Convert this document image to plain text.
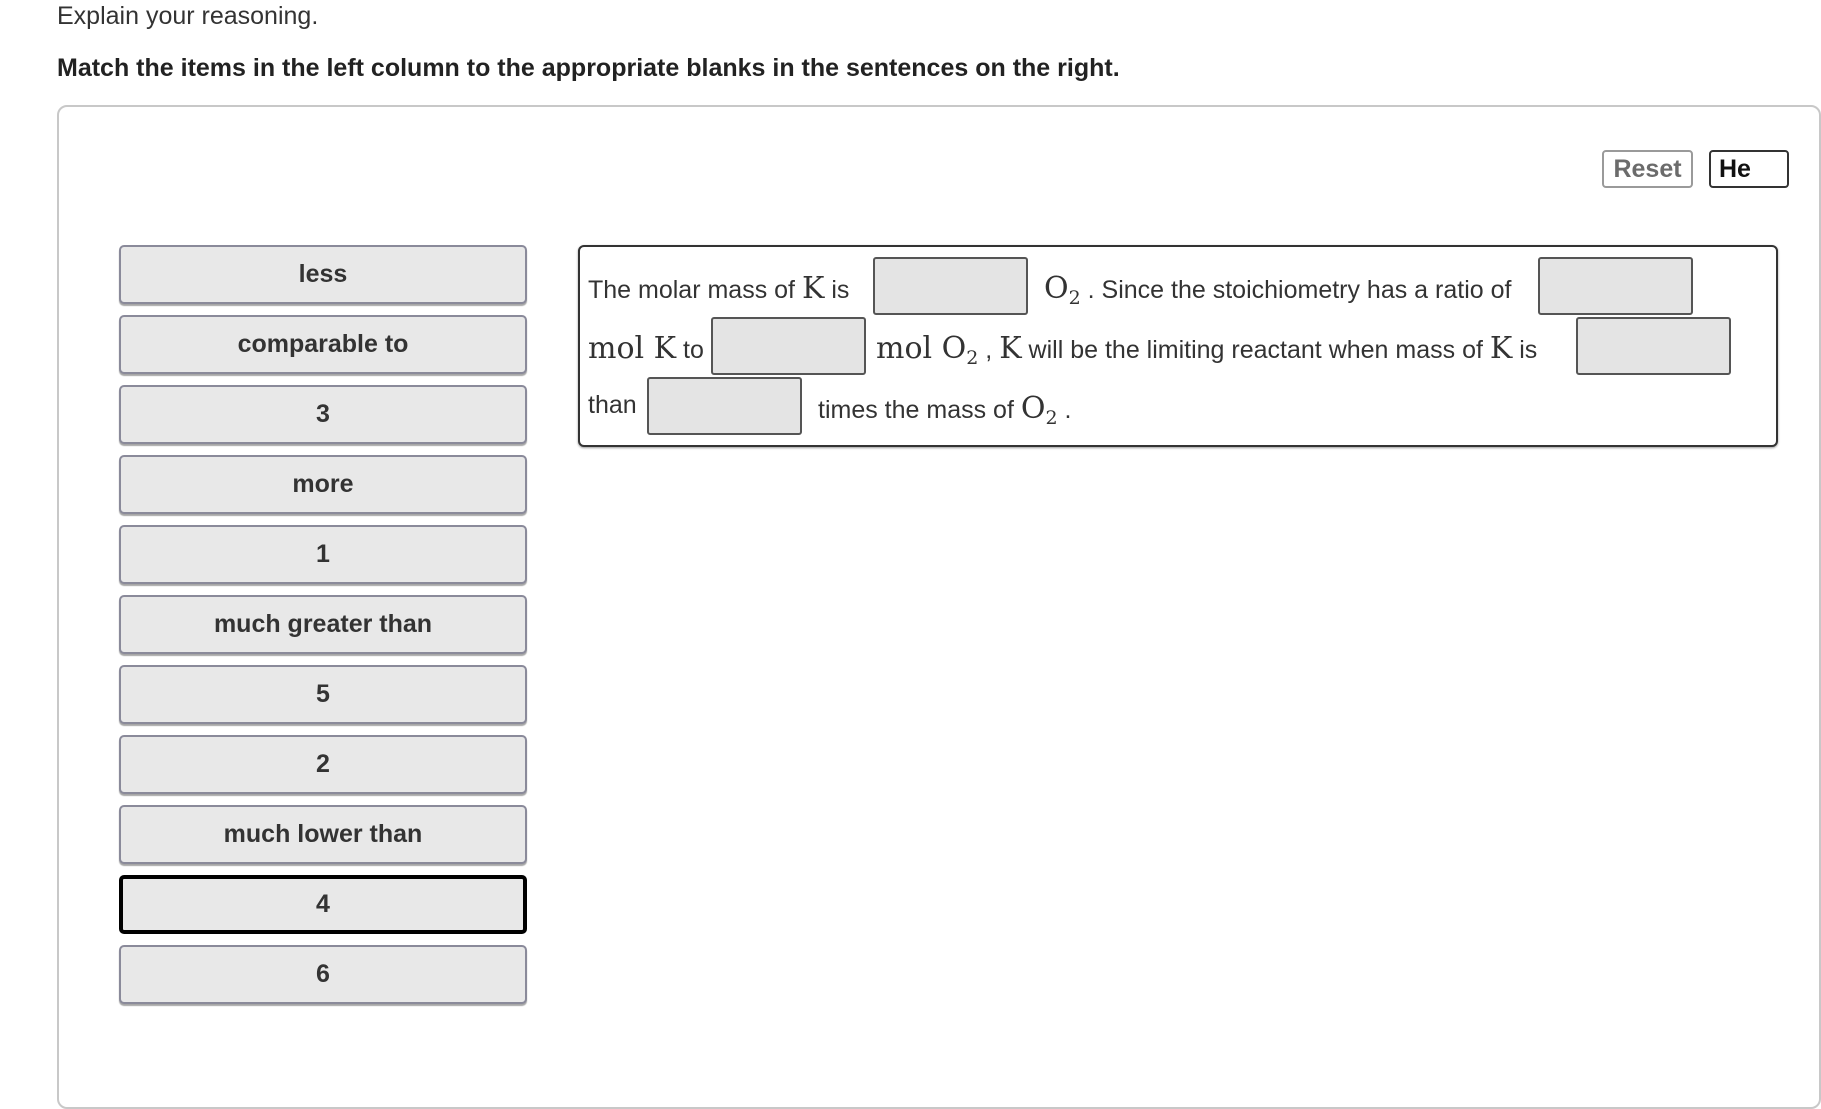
Explain your reasoning.
Match the items in the left column to the appropriate blanks in the sentences on the right.
Reset	He
less
comparable to
3
more
1
much greater than
5
2
much lower than
4
6
The molar mass of K is	$O_2$ . Since the stoichiometry has a ratio of
mol K to	mol $O_2$ , K will be the limiting reactant when mass of K is
than	times the mass of $O_2$ .
